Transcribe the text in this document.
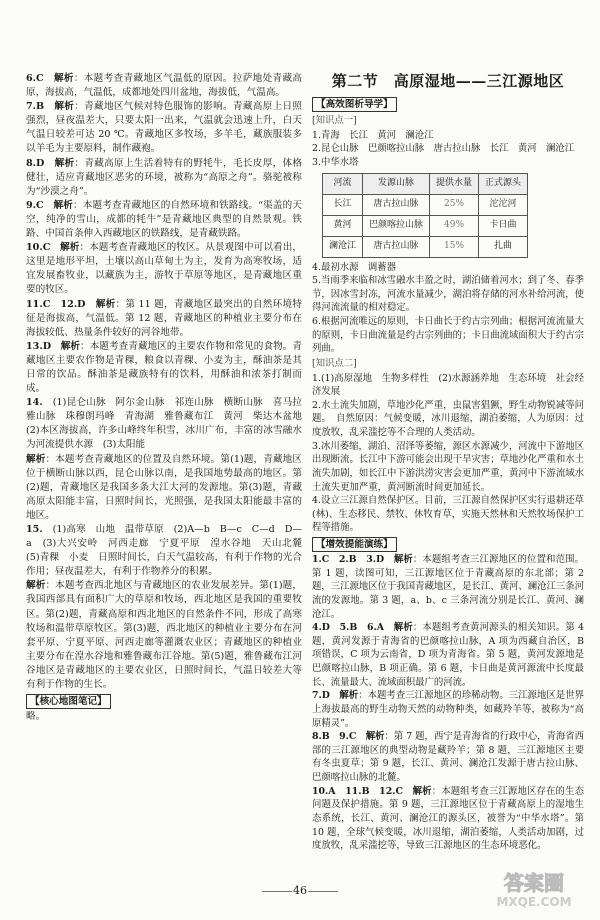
6.C　 解析：本题考查青藏地区气温低的原因。拉萨地处青藏高原，海拔高，气温低，成都地处四川盆地，海拔低，气温高。

7.B　 解析：青藏地区气候对特色服饰的影响。青藏高原上日照强烈，昼夜温差大，只要太阳一出来，气温就会迅速上升，白天气温日较差可达 20 ℃。青藏地区多牧场，多羊毛，藏族服装多以羊毛为主要原料，制作藏袍。

8.D　 解析：青藏高原上生活着特有的野牦牛，毛长皮厚，体格健壮，适应青藏地区恶劣的环境，被称为“高原之舟”。骆驼被称为“沙漠之舟”。

9.C　 解析：本题考查青藏地区的自然环境和铁路线。“渠盖的天空，纯净的雪山，成都的牦牛”是青藏地区典型的自然景观。铁路、中国首条伸入西藏地区的铁路线，是青藏铁路。

10.C　 解析：本题考查青藏地区的牧区。从景观图中可以看出，这里是地形平坦，土壤以高山草甸土为主，发育为高寒牧场，适宜发展畜牧业，以藏族为主，游牧于草原等地区，是青藏地区重要的牧区。

11.C　12.D　 解析：第 11 题，青藏地区最突出的自然环境特征是海拔高，气温低。第 12 题，青藏地区的种植业主要分布在海拔较低、热量条件较好的河谷地带。

13.D　 解析：本题考查青藏地区的主要农作物和常见的食物。青藏地区主要农作物是青稞，粮食以青稞、小麦为主，酥油茶是其日常的饮品。酥油茶是藏族特有的饮料，用酥油和浓茶打制而成。

14.　 (1)昆仑山脉　阿尔金山脉　祁连山脉　横断山脉　喜马拉雅山脉　珠穆朗玛峰　青海湖　雅鲁藏布江　黄河　柴达木盆地　(2)本区海拔高，许多山峰终年积雪，冰川广布，丰富的冰雪融水为河流提供水源　(3)太阳能

解析：本题考查青藏地区的位置及自然环境。第(1)题，青藏地区位于横断山脉以西，昆仑山脉以南，是我国地势最高的地区。第(2)题，青藏地区是我国多条大江大河的发源地。第(3)题，青藏高原太阳能丰富，日照时间长，光照强，是我国太阳能最丰富的地区。

15.　 (1)高寒　山地　温带草原　(2)A—b　B—c　C—d　D—a　(3)大兴安岭　河西走廊　宁夏平原　湟水谷地　天山北麓　(5)青稞　小麦　日照时间长，白天气温较高，有利于作物的光合作用；昼夜温差大，有利于作物养分的积累。

解析：本题考查西北地区与青藏地区的农业发展差异。第(1)题，我国西部具有面积广大的草原和牧场，西北地区是我国的重要牧区。第(2)题，青藏高原和西北地区的自然条件不同，形成了高寒牧场和温带草原牧区。第(3)题，西北地区的种植业主要分布在河套平原、宁夏平原、河西走廊等灌溉农业区；青藏地区的种植业主要分布在湟水谷地和雅鲁藏布江谷地。第(5)题，雅鲁藏布江河谷地区是青藏地区的主要农业区，日照时间长，气温日较差大等有利于作物的生长。

【核心地图笔记】

略。

第二节　高原湿地——三江源地区
【高效图析导学】
[知识点一]

1.青海　长江　黄河　澜沧江

2.昆仑山脉　巴颜喀拉山脉　唐古拉山脉　长江　黄河　澜沧江

3.中华水塔

河流	发源山脉	提供水量	正式源头
长江	唐古拉山脉	25%	沱沱河
黄河	巴颜喀拉山脉	49%	卡日曲
澜沧江	唐古拉山脉	15%	扎曲

4.最初水源　调蓄器

5.当雨季来临和冰雪融水丰盈之时，湖泊储着河水；到了冬、春季节，因冰雪封冻，河流水量减少，湖泊将存储的河水补给河流，使得河流流量的相对稳定。

6.根据河流唯远的原则，卡日曲长于约古宗列曲；根据河流流量大的原则，卡日曲流量是约古宗列曲的；卡日曲流域面积大于约古宗列曲。

[知识点二]

1.(1)高原湿地　生物多样性　(2)水源涵养地　生态环境　社会经济发展

2.水土流失加剧，草地沙化严重，虫鼠害猖獗，野生动物锐减等问题。　自然原因：气候变暖，冰川退缩，湖泊萎缩，人为原因：过度放牧，乱采滥挖等不合理的人类活动。

3.冰川萎缩，湖泊、沼泽等萎缩，源区水源减少，河流中下游地区出现断流。长江中下游可能会出现干旱灾害；草地沙化严重和水土流失加剧，如长江中下游洪涝灾害会更加严重，黄河中下游流域水土流失更加严重，黄河断流时间更加延长。

4.设立三江源自然保护区。目前，三江源自然保护区实行退耕还草(林)、生态移民、禁牧、休牧育草，实施天然林和天然牧场保护工程等措施。

【增效提能演练】

1.C　2.B　3.D　 解析：本题组考查三江源地区的位置和范围。第 1 题，读图可知，三江源地区位于青藏高原的东北部；第 2 题，三江源地区位于我国青藏地区，是长江、黄河、澜沧江三条河流的发源地。第 3 题，a、b、c 三条河流分别是长江、黄河、澜沧江。

4.D　5.B　6.A　 解析：本题组考查黄河源头的相关知识。第 4 题，黄河发源于青海省的巴颜喀拉山脉，A 项为西藏自治区，B 项错误，C 项为云南省，D 项为青海省。第 5 题，黄河发源地是巴颜喀拉山脉，B 项正确。第 6 题，卡日曲是黄河源流中长度最长、流量最大、流域面积最广的河流。

7.D　 解析：本题考查三江源地区的珍稀动物。三江源地区是世界上海拔最高的野生动物天然的动物种类，如藏羚羊等，被称为“高原精灵”。

8.B　9.C　 解析：第 7 题，西宁是青海省的行政中心，青海省西部的三江源地区的典型动物是藏羚羊；第 8 题，三江源地区主要有冬虫夏草；第 9 题，长江、黄河、澜沧江发源于唐古拉山脉、巴颜喀拉山脉的北麓。

10.A　11.B　12.C　 解析：本题组考查三江源地区存在的生态问题及保护措施。第 9 题，三江源地区位于青藏高原上的湿地生态系统，长江、黄河、澜沧江的源头区，被誉为“中华水塔”。第 10 题，全球气候变暖，冰川退缩，湖泊萎缩，人类活动加剧，过度放牧，乱采滥挖等，导致三江源地区的生态环境恶化。

46	答案圈
MXQE.COM
